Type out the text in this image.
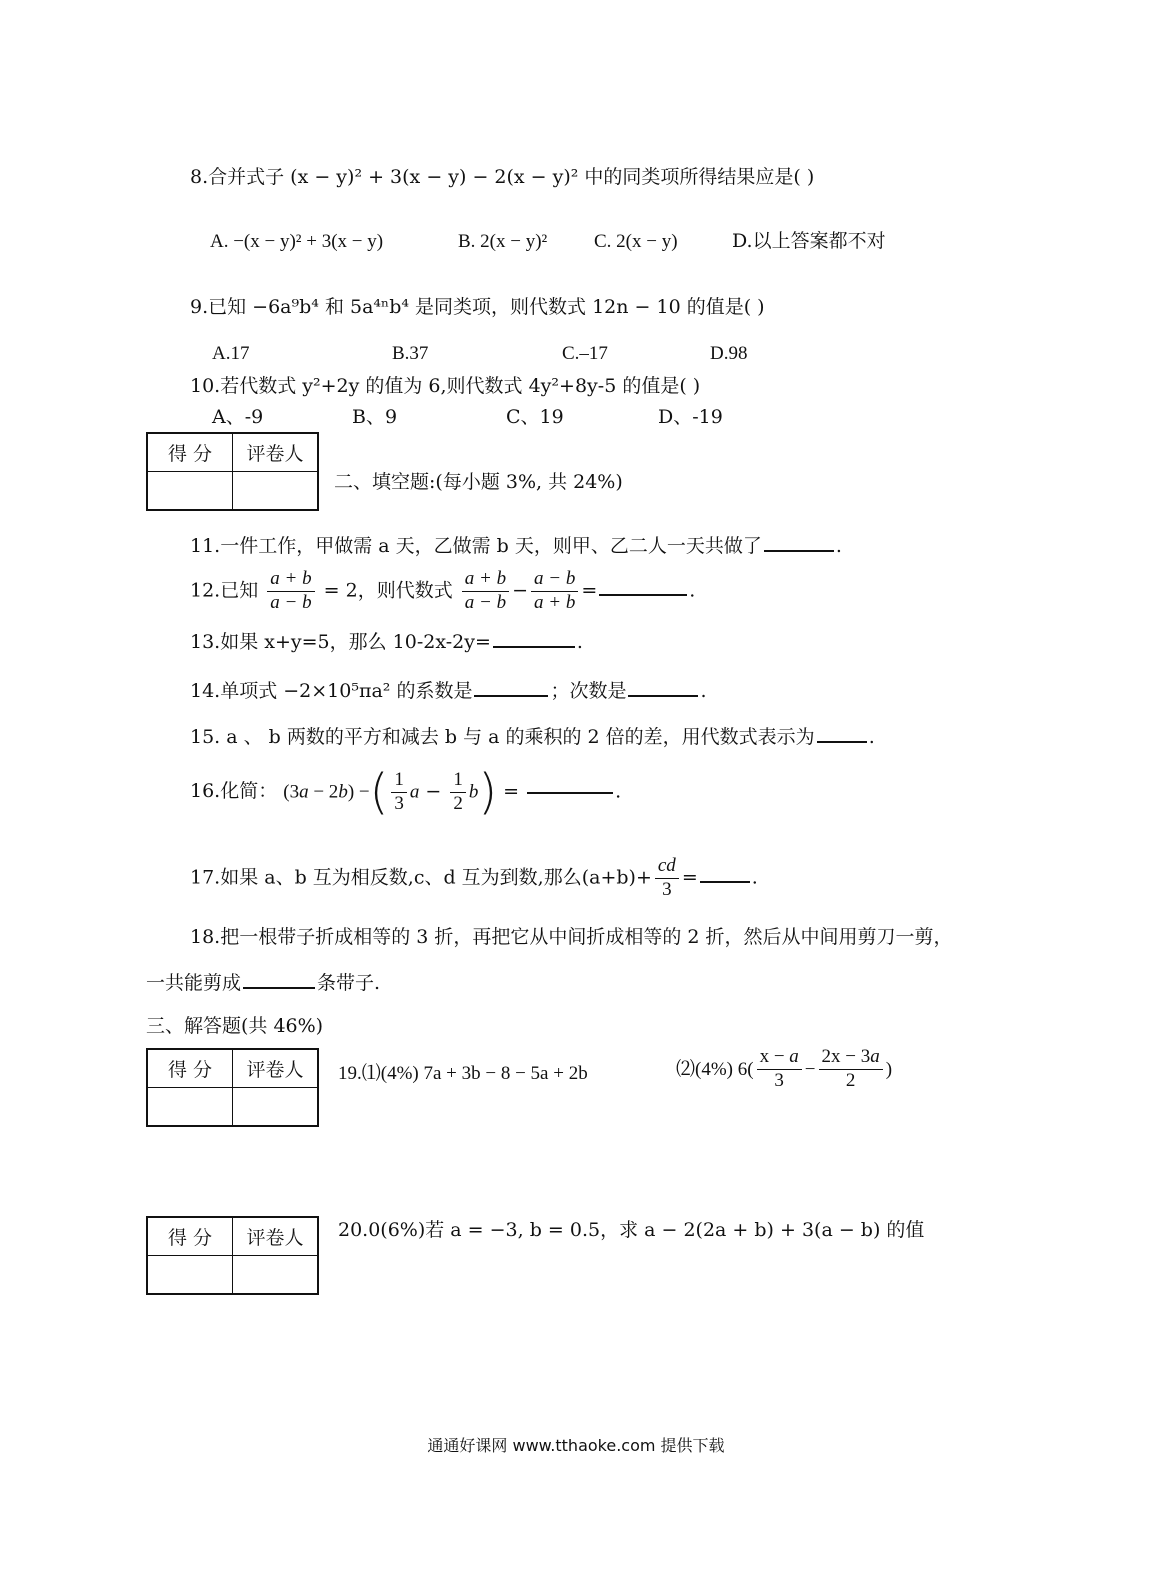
8.合并式子 (x − y)² + 3(x − y) − 2(x − y)² 中的同类项所得结果应是( )
A. −(x − y)² + 3(x − y)	B. 2(x − y)² C. 2(x − y)	D.以上答案都不对
9.已知 −6a⁹b⁴ 和 5a⁴ⁿb⁴ 是同类项，则代数式 12n − 10 的值是( )
A.17	B.37	C.–17	D.98
10.若代数式 y²+2y 的值为 6,则代数式 4y²+8y-5 的值是( )
A、-9	B、9	C、19	D、-19
得 分	评卷人

二、填空题:(每小题 3%, 共 24%)
11.一件工作，甲做需 a 天，乙做需 b 天，则甲、乙二人一天共做了	.
12.已知 $\frac{a + b}{a - b} = 2$，则代数式 $\frac{a + b}{a - b} - \frac{a - b}{a + b}$ =	.
13.如果 x+y=5，那么 10-2x-2y=	.
14.单项式 −2×10⁵πa² 的系数是	；次数是	.
15. a 、 b 两数的平方和减去 b 与 a 的乘积的 2 倍的差，用代数式表示为	.
16.化简： (3a − 2b) −( $\frac{1}{3}$ $a - \frac{1}{2} b$) =	.
17.如果 a、b 互为相反数,c、d 互为到数,那么$(a+b)+ \frac{cd}{3}$ =	.
18.把一根带子折成相等的 3 折，再把它从中间折成相等的 2 折，然后从中间用剪刀一剪，
一共能剪成	条带子.
三、解答题(共 46%)
得 分	评卷人
	19.⑴(4%) 7a + 3b − 8 − 5a + 2b	⑵(4%) $6( \frac{x - a}{3} - \frac{2x - 3a}{2}$ )
得 分	评卷人
	20.0(6%)若 a = −3, b = 0.5，求 a − 2(2a + b) + 3(a − b) 的值
通通好课网 www.tthaoke.com 提供下载
